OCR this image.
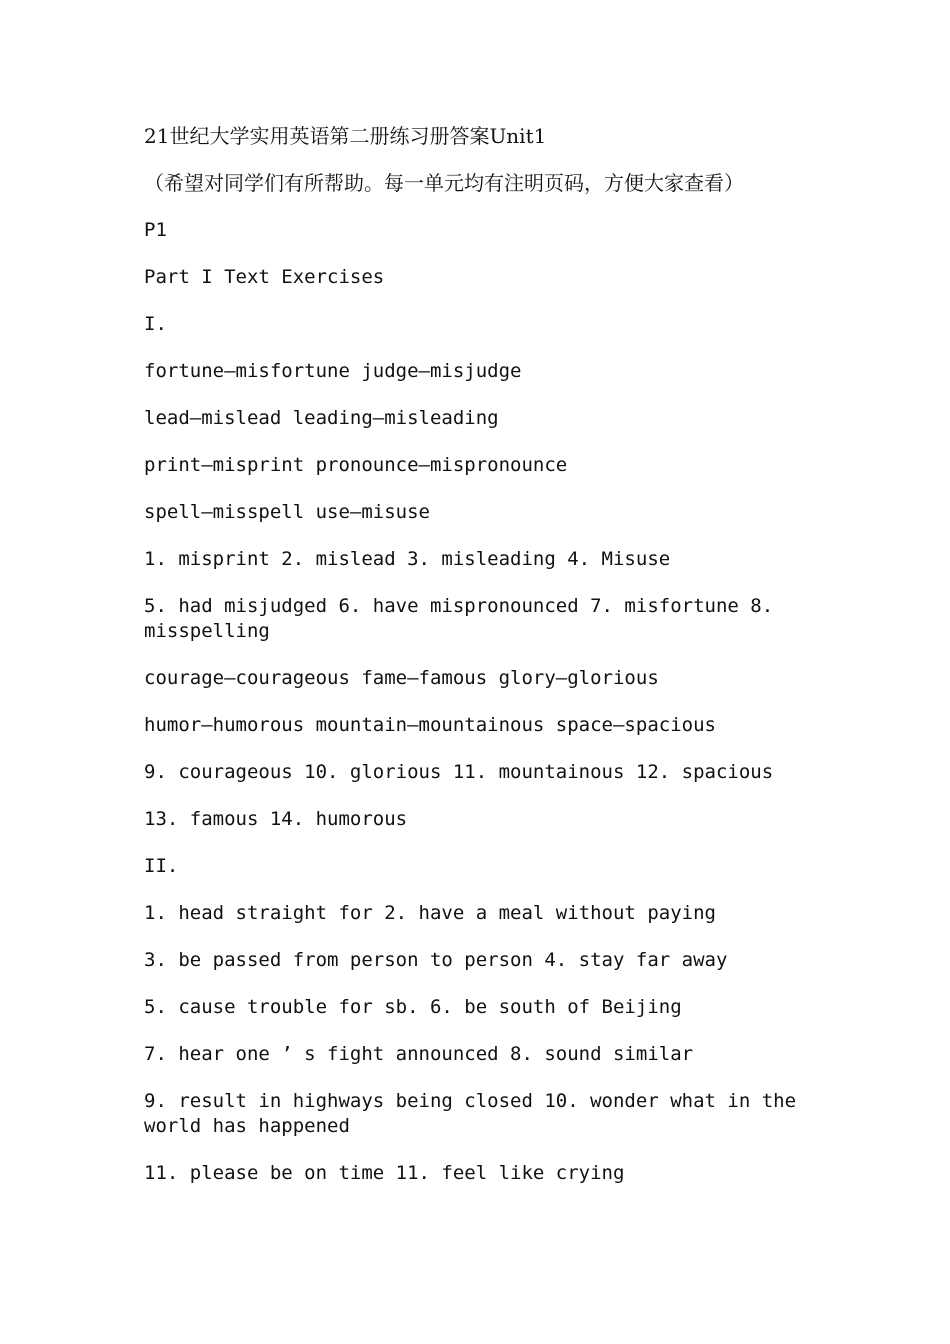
21世纪大学实用英语第二册练习册答案Unit1

（希望对同学们有所帮助。每一单元均有注明页码，方便大家查看）

P1

Part I Text Exercises

I.

fortune—misfortune judge—misjudge

lead—mislead leading—misleading

print—misprint pronounce—mispronounce

spell—misspell use—misuse

1. misprint 2. mislead 3. misleading 4. Misuse

5. had misjudged 6. have mispronounced 7. misfortune 8. misspelling

courage—courageous fame—famous glory—glorious

humor—humorous mountain—mountainous space—spacious

9. courageous 10. glorious 11. mountainous 12. spacious

13. famous 14. humorous

II.

1. head straight for 2. have a meal without paying

3. be passed from person to person 4. stay far away

5. cause trouble for sb. 6. be south of Beijing

7. hear one ’ s fight announced 8. sound similar

9. result in highways being closed 10. wonder what in the world has happened

11. please be on time 11. feel like crying
